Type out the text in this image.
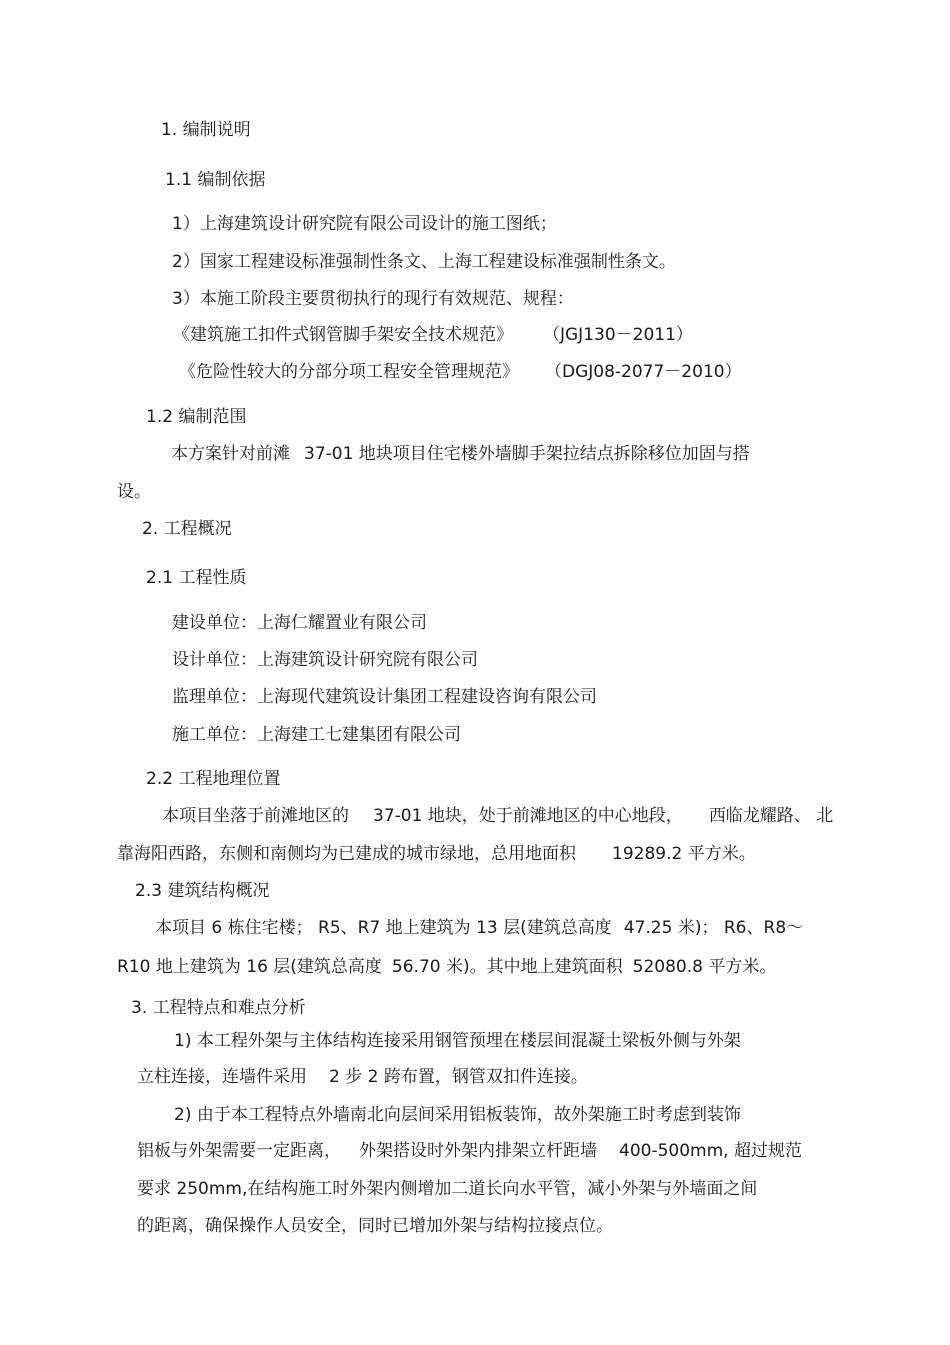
1. 编制说明
1.1 编制依据
1）上海建筑设计研究院有限公司设计的施工图纸；
2）国家工程建设标准强制性条文、上海工程建设标准强制性条文。
3）本施工阶段主要贯彻执行的现行有效规范、规程：
《建筑施工扣件式钢管脚手架安全技术规范》 （JGJ130－2011）
《危险性较大的分部分项工程安全管理规范》 （DGJ08-2077－2010）
1.2 编制范围
本方案针对前滩 37-01 地块项目住宅楼外墙脚手架拉结点拆除移位加固与搭
设。
2. 工程概况
2.1 工程性质
建设单位：上海仁耀置业有限公司
设计单位：上海建筑设计研究院有限公司
监理单位：上海现代建筑设计集团工程建设咨询有限公司
施工单位：上海建工七建集团有限公司
2.2 工程地理位置
本项目坐落于前滩地区的 37-01 地块，处于前滩地区的中心地段， 西临龙耀路、 北
靠海阳西路，东侧和南侧均为已建成的城市绿地，总用地面积 19289.2 平方米。
2.3 建筑结构概况
本项目 6 栋住宅楼； R5、R7 地上建筑为 13 层(建筑总高度 47.25 米)； R6、R8～
R10 地上建筑为 16 层(建筑总高度 56.70 米)。其中地上建筑面积 52080.8 平方米。
3. 工程特点和难点分析
1) 本工程外架与主体结构连接采用钢管预埋在楼层间混凝土梁板外侧与外架
立柱连接，连墙件采用 2 步 2 跨布置，钢管双扣件连接。
2) 由于本工程特点外墙南北向层间采用铝板装饰，故外架施工时考虑到装饰
铝板与外架需要一定距离， 外架搭设时外架内排架立杆距墙 400-500mm, 超过规范
要求 250mm,在结构施工时外架内侧增加二道长向水平管，减小外架与外墙面之间
的距离，确保操作人员安全，同时已增加外架与结构拉接点位。
